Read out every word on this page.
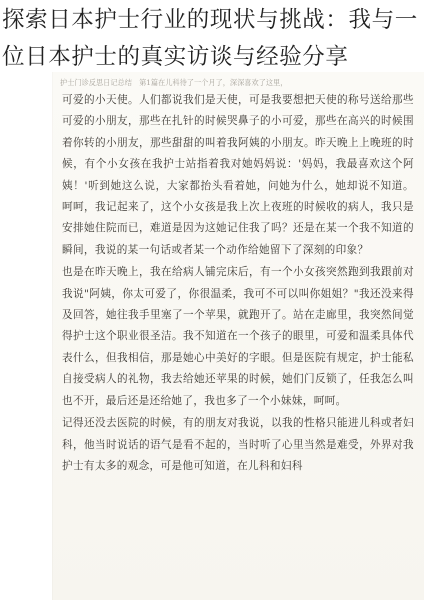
探索日本护士行业的现状与挑战：我与一位日本护士的真实访谈与经验分享

护士门诊反思日记总结　第1篇在儿科待了一个月了，深深喜欢了这里，

可爱的小天使。人们都说我们是天使，可是我要想把天使的称号送给那些可爱的小朋友，那些在扎针的时候哭鼻子的小可爱，那些在高兴的时候围着你转的小朋友，那些甜甜的叫着我阿姨的小朋友。昨天晚上上晚班的时候，有个小女孩在我护士站指着我对她妈妈说：'妈妈，我最喜欢这个阿姨！'听到她这么说，大家都抬头看着她，问她为什么，她却说不知道。呵呵，我记起来了，这个小女孩是我上次上夜班的时候收的病人，我只是安排她住院而已，难道是因为这她记住我了吗？还是在某一个我不知道的瞬间，我说的某一句话或者某一个动作给她留下了深刻的印象？

也是在昨天晚上，我在给病人铺完床后，有一个小女孩突然跑到我跟前对我说"阿姨，你太可爱了，你很温柔，我可不可以叫你姐姐？"我还没来得及回答，她往我手里塞了一个苹果，就跑开了。站在走廊里，我突然间觉得护士这个职业很圣洁。我不知道在一个孩子的眼里，可爱和温柔具体代表什么，但我相信，那是她心中美好的字眼。但是医院有规定，护士能私自接受病人的礼物，我去给她还苹果的时候，她们门反锁了，任我怎么叫也不开，最后还是还给她了，我也多了一个小妹妹，呵呵。

记得还没去医院的时候，有的朋友对我说，以我的性格只能进儿科或者妇科，他当时说话的语气是看不起的，当时听了心里当然是难受，外界对我护士有太多的观念，可是他可知道，在儿科和妇科
